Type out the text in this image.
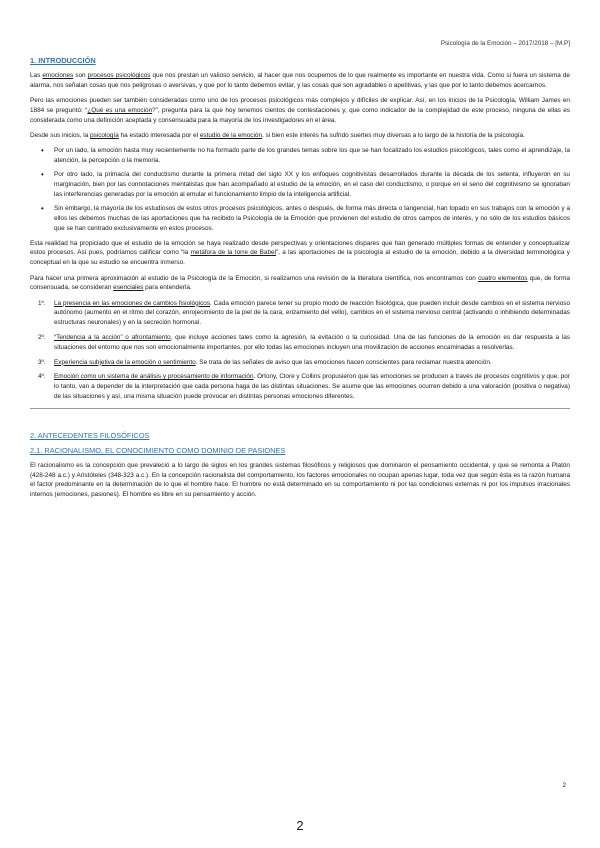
Psicología de la Emoción – 2017/2018 – [M.P]
1. INTRODUCCIÓN

Las emociones son procesos psicológicos que nos prestan un valioso servicio, al hacer que nos ocupemos de lo que realmente es importante en nuestra vida. Como si fuera un sistema de alarma, nos señalan cosas que nos peligrosas o aversivas, y que por lo tanto debemos evitar, y las cosas que son agradables o apetitivas, y las que por lo tanto debemos acercarnos.

Pero las emociones pueden ser también consideradas como uno de los procesos psicológicos más complejos y difíciles de explicar. Así, en los inicios de la Psicología, William James en 1884 se preguntó: “¿Qué es una emoción?”, pregunta para la que hoy tenemos cientos de contestaciones y, que como indicador de la complejidad de este proceso, ninguna de ellas es considerada como una definición aceptada y consensuada para la mayoría de los investigadores en el área.

Desde sus inicios, la psicología ha estado interesada por el estudio de la emoción, si bien este interés ha sufrido suertes muy diversas a lo largo de la historia de la psicología.

• Por un lado, la emoción hasta muy recientemente no ha formado parte de los grandes temas sobre los que se han focalizado los estudios psicológicos, tales como el aprendizaje, la atención, la percepción o la memoria.
• Por otro lado, la primacía del conductismo durante la primera mitad del siglo XX y los enfoques cognitivistas desarrollados durante la década de los setenta, influyeron en su marginación, bien por las connotaciones mentalistas que han acompañado al estudio de la emoción, en el caso del conductismo, o porque en el seno del cognitivismo se ignoraban las interferencias generadas por la emoción al emular el funcionamiento limpio de la inteligencia artificial.
• Sin embargo, la mayoría de los estudiosos de estos otros procesos psicológicos, antes o después, de forma más directa o tangencial, han topado en sus trabajos con la emoción y a ellos les debemos muchas de las aportaciones que ha recibido la Psicología de la Emoción que provienen del estudio de otros campos de interés, y no sólo de los estudios básicos que se han centrado exclusivamente en estos procesos.

Esta realidad ha propiciado que el estudio de la emoción se haya realizado desde perspectivas y orientaciones dispares que han generado múltiples formas de entender y conceptualizar estos procesos. Así pues, podríamos calificar como “la metáfora de la torre de Babel”, a las aportaciones de la psicología al estudio de la emoción, debido a la diversidad terminológica y conceptual en la que su estudio se encuentra inmerso.

Para hacer una primera aproximación al estudio de la Psicología de la Emoción, si realizamos una revisión de la literatura científica, nos encontramos con cuatro elementos que, de forma consensuada, se consideran esenciales para entenderla.

1º. La presencia en las emociones de cambios fisiológicos. Cada emoción parece tener su propio modo de reacción fisiológica, que pueden incluir desde cambios en el sistema nervioso autónomo (aumento en el ritmo del corazón, enrojecimiento de la piel de la cara, erizamiento del vello), cambios en el sistema nervioso central (activando o inhibiendo determinadas estructuras neuronales) y en la secreción hormonal.
2º. “Tendencia a la acción” o afrontamiento, que incluye acciones tales como la agresión, la evitación o la curiosidad. Una de las funciones de la emoción es dar respuesta a las situaciones del entorno que nos son emocionalmente importantes, por ello todas las emociones incluyen una movilización de acciones encaminadas a resolverlas.
3º. Experiencia subjetiva de la emoción o sentimiento. Se trata de las señales de aviso que las emociones hacen conscientes para reclamar nuestra atención.
4º. Emoción como un sistema de análisis y procesamiento de información. Ortony, Clore y Collins propusieron que las emociones se producen a través de procesos cognitivos y que, por lo tanto, van a depender de la interpretación que cada persona haga de las distintas situaciones. Se asume que las emociones ocurren debido a una valoración (positiva o negativa) de las situaciones y así, una misma situación puede provocar en distintas personas emociones diferentes.
2. ANTECEDENTES FILOSÓFICOS
2.1. RACIONALISMO, EL CONOCIMIENTO COMO DOMINIO DE PASIONES

El racionalismo es la concepción que prevaleció a lo largo de siglos en los grandes sistemas filosóficos y religiosos que dominaron el pensamiento occidental, y que se remonta a Platón (428-248 a.c.) y Aristóteles (348-323 a.c.). En la concepción racionalista del comportamiento, los factores emocionales no ocupan apenas lugar, toda vez que según ésta es la razón humana el factor predominante en la determinación de lo que el hombre hace. El hombre no está determinado en su comportamiento ni por las condiciones externas ni por los impulsos irracionales internos (emociones, pasiones). El hombre es libre en su pensamiento y acción.

2
2
